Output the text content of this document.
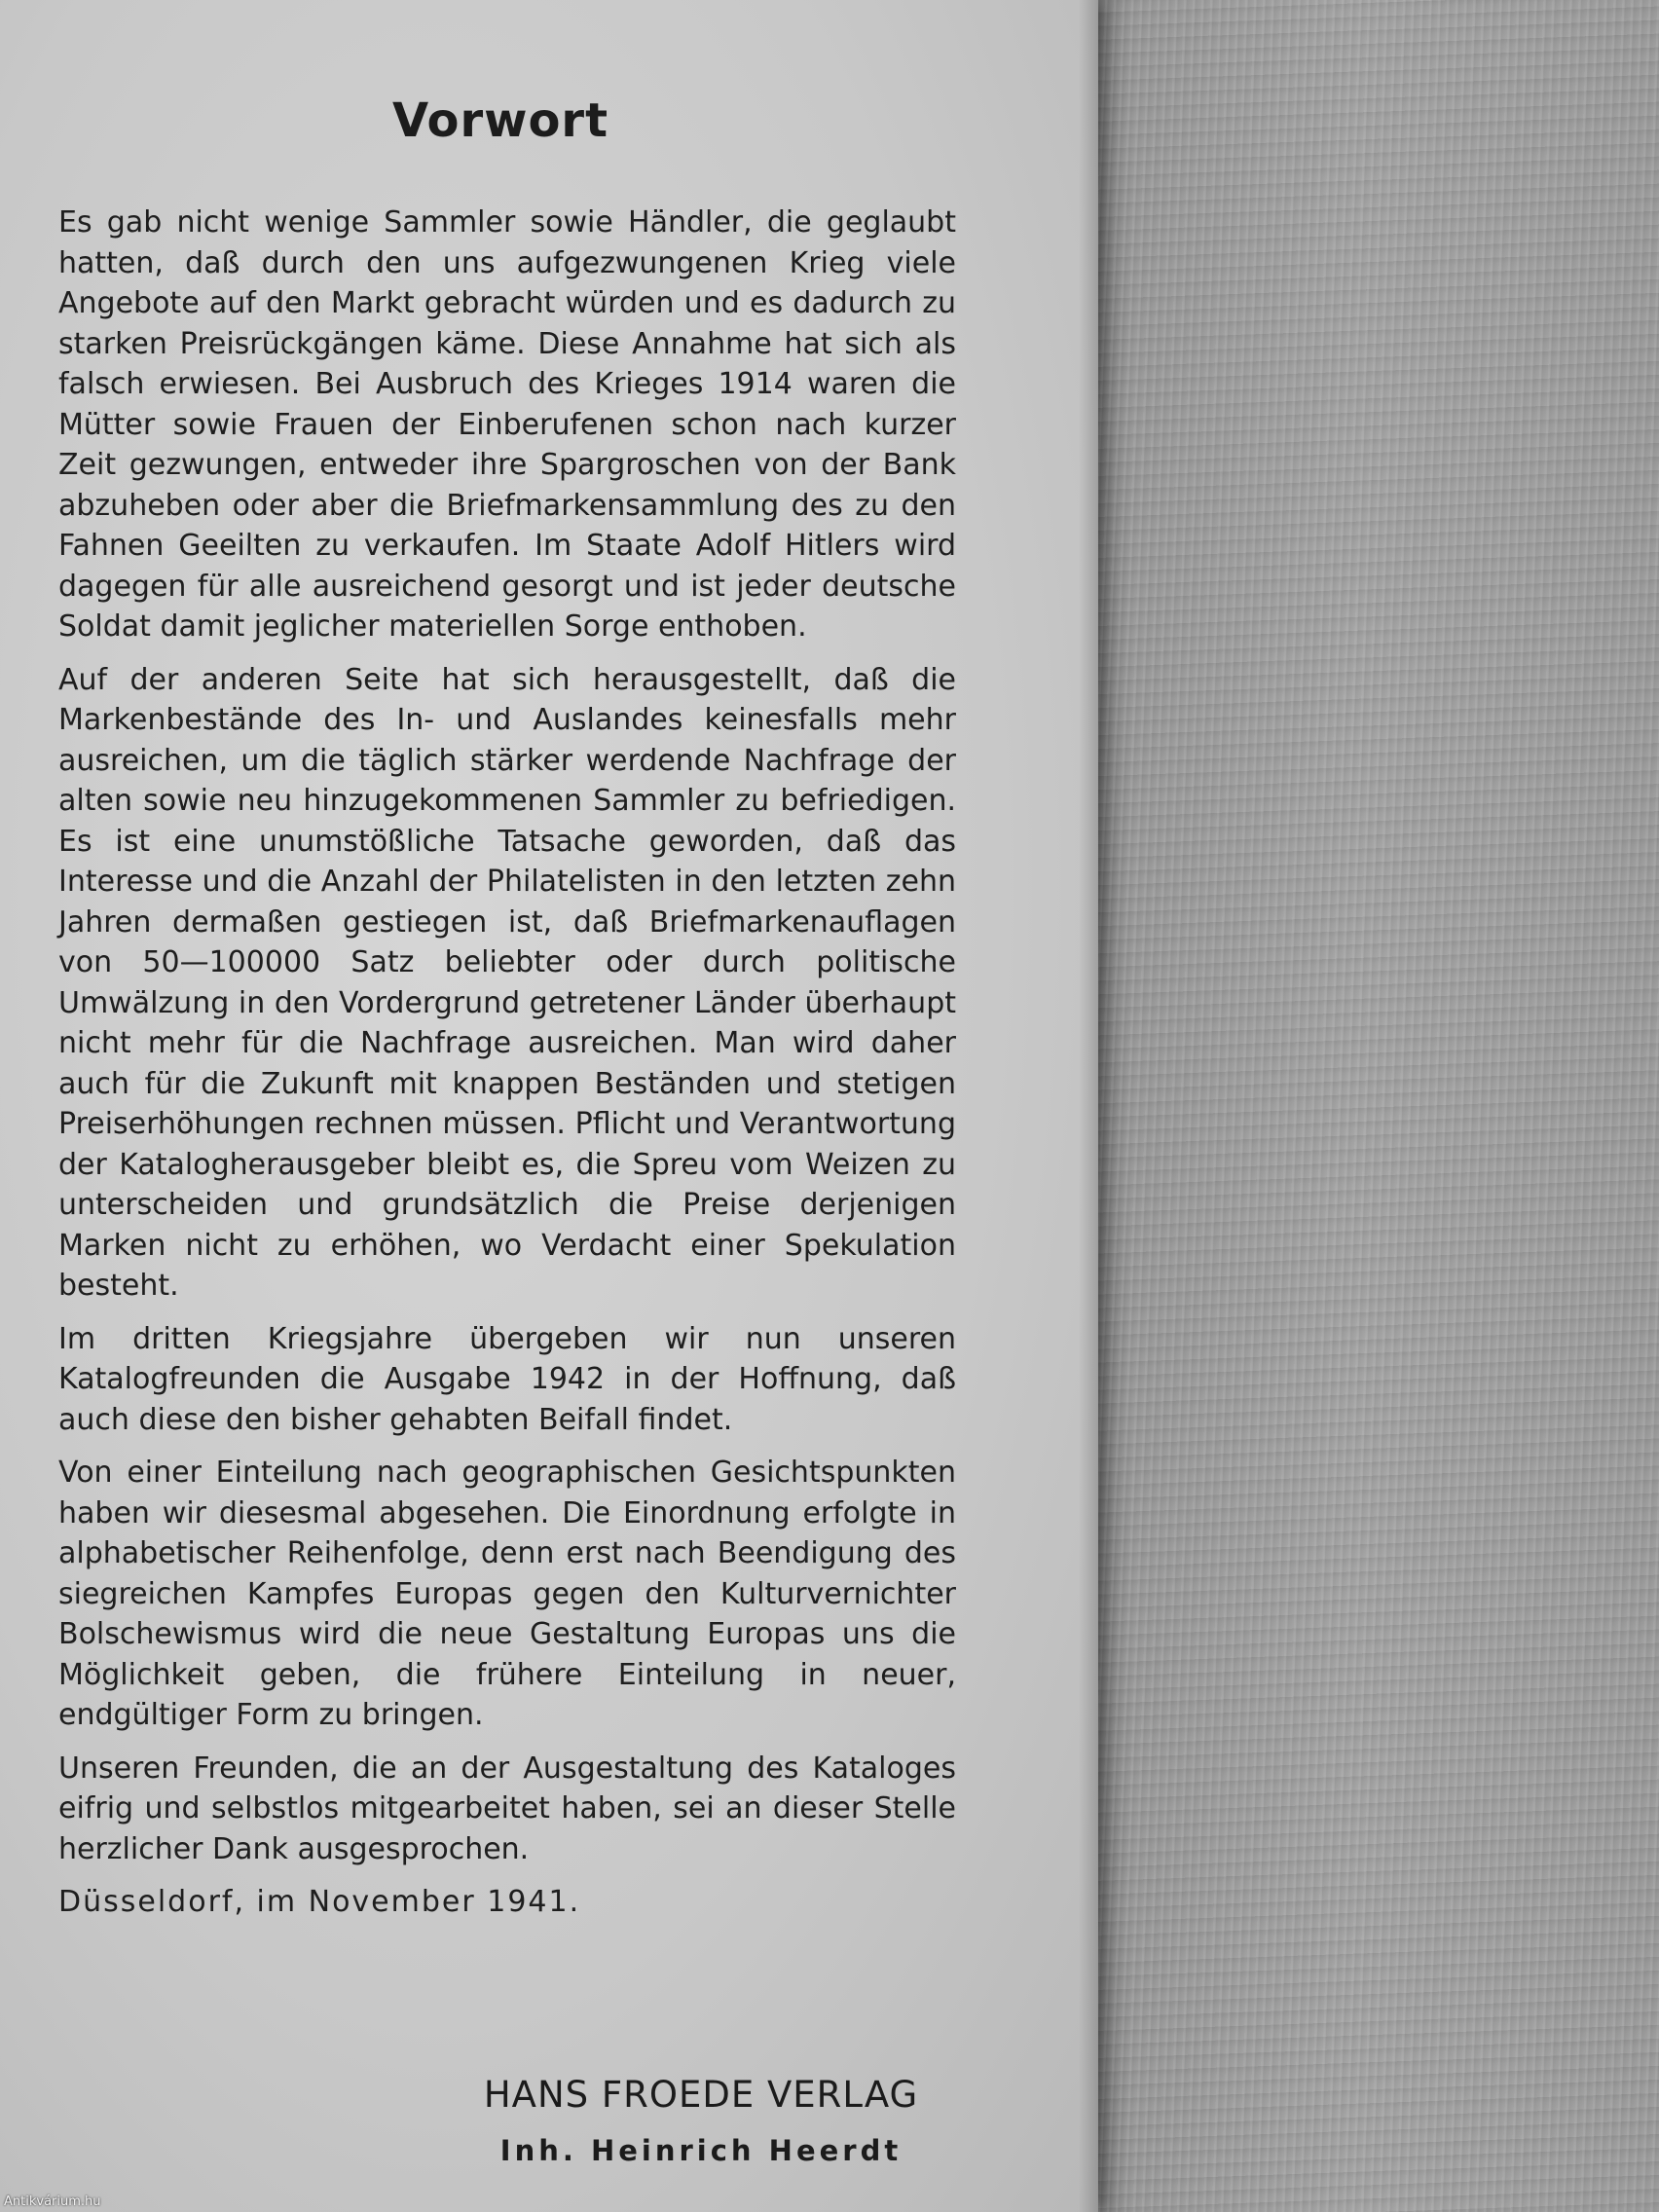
Vorwort

Es gab nicht wenige Sammler sowie Händler, die geglaubt hatten, daß durch den uns aufgezwungenen Krieg viele Angebote auf den Markt gebracht würden und es dadurch zu starken Preisrückgängen käme. Diese Annahme hat sich als falsch erwiesen. Bei Ausbruch des Krieges 1914 waren die Mütter sowie Frauen der Einberufenen schon nach kurzer Zeit gezwungen, entweder ihre Spargroschen von der Bank abzuheben oder aber die Briefmarkensammlung des zu den Fahnen Geeilten zu verkaufen. Im Staate Adolf Hitlers wird dagegen für alle ausreichend gesorgt und ist jeder deutsche Soldat damit jeglicher materiellen Sorge enthoben.

Auf der anderen Seite hat sich herausgestellt, daß die Markenbestände des In- und Auslandes keinesfalls mehr ausreichen, um die täglich stärker werdende Nachfrage der alten sowie neu hinzugekommenen Sammler zu befriedigen. Es ist eine unumstößliche Tatsache geworden, daß das Interesse und die Anzahl der Philatelisten in den letzten zehn Jahren dermaßen gestiegen ist, daß Briefmarkenauflagen von 50—100000 Satz beliebter oder durch politische Umwälzung in den Vordergrund getretener Länder überhaupt nicht mehr für die Nachfrage ausreichen. Man wird daher auch für die Zukunft mit knappen Beständen und stetigen Preiserhöhungen rechnen müssen. Pflicht und Verantwortung der Katalogherausgeber bleibt es, die Spreu vom Weizen zu unterscheiden und grundsätzlich die Preise derjenigen Marken nicht zu erhöhen, wo Verdacht einer Spekulation besteht.

Im dritten Kriegsjahre übergeben wir nun unseren Katalogfreunden die Ausgabe 1942 in der Hoffnung, daß auch diese den bisher gehabten Beifall findet.

Von einer Einteilung nach geographischen Gesichtspunkten haben wir diesesmal abgesehen. Die Einordnung erfolgte in alphabetischer Reihenfolge, denn erst nach Beendigung des siegreichen Kampfes Europas gegen den Kulturvernichter Bolschewismus wird die neue Gestaltung Europas uns die Möglichkeit geben, die frühere Einteilung in neuer, endgültiger Form zu bringen.

Unseren Freunden, die an der Ausgestaltung des Kataloges eifrig und selbstlos mitgearbeitet haben, sei an dieser Stelle herzlicher Dank ausgesprochen.

Düsseldorf, im November 1941.

HANS FROEDE VERLAG
Inh. Heinrich Heerdt
Antikvárium.hu
